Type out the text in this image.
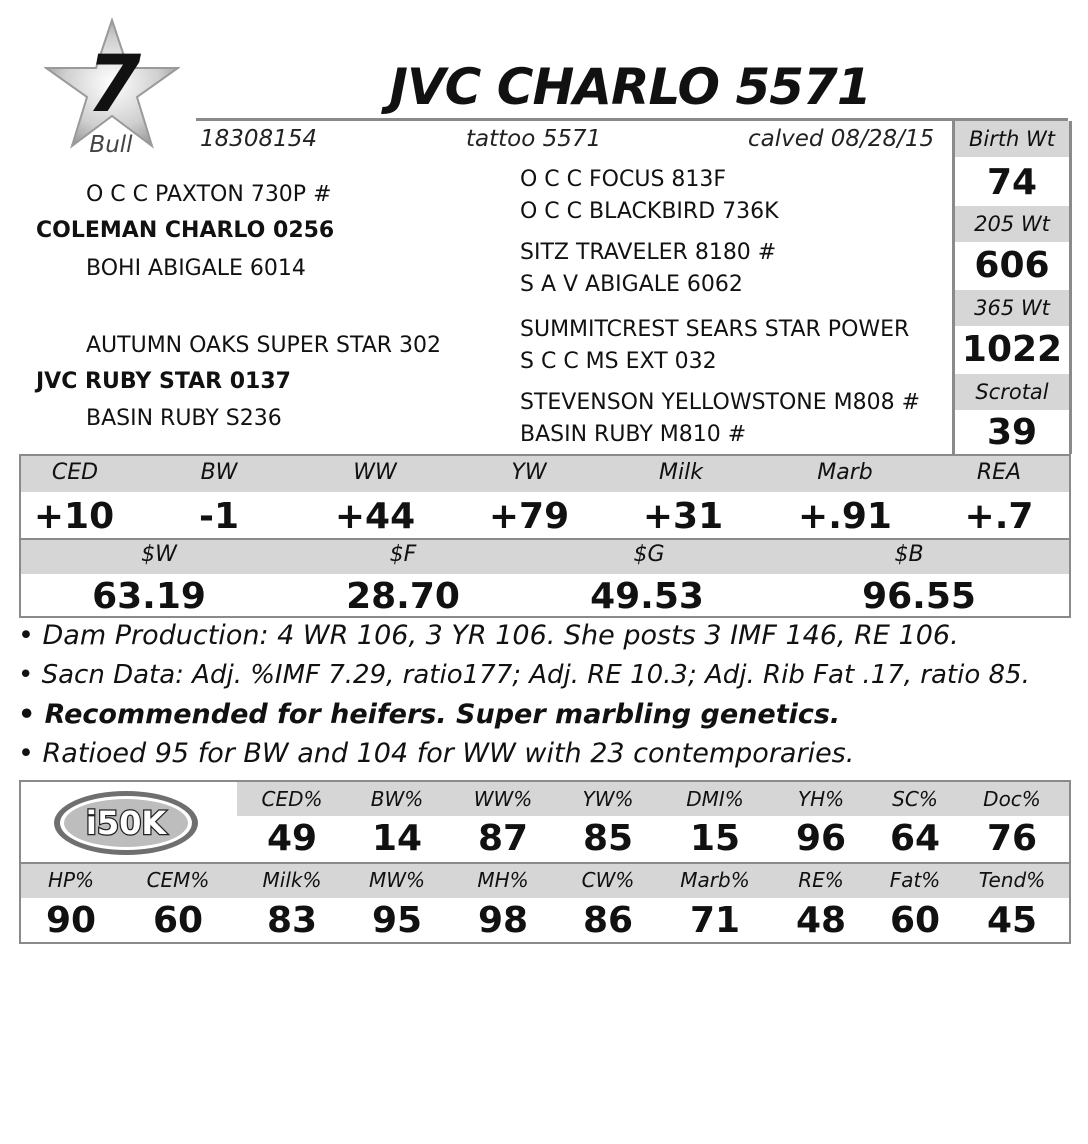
7
Bull
JVC CHARLO 5571
18308154	tattoo 5571	calved 08/28/15	Birth Wt
74
205 Wt
606
365 Wt
1022
Scrotal
39
O C C PAXTON 730P #
COLEMAN CHARLO 0256
BOHI ABIGALE 6014
AUTUMN OAKS SUPER STAR 302
JVC RUBY STAR 0137
BASIN RUBY S236
O C C FOCUS 813F
O C C BLACKBIRD 736K
SITZ TRAVELER 8180 #
S A V ABIGALE 6062
SUMMITCREST SEARS STAR POWER
S C C MS EXT 032
STEVENSON YELLOWSTONE M808 #
BASIN RUBY M810 #
CED	BW	WW	YW	Milk	Marb	REA
+10	-1	+44	+79	+31	+.91	+.7
$W	$F	$G	$B
63.19	28.70	49.53	96.55
• Dam Production: 4 WR 106, 3 YR 106. She posts 3 IMF 146, RE 106.
• Sacn Data: Adj. %IMF 7.29, ratio177; Adj. RE 10.3; Adj. Rib Fat .17, ratio 85.
• Recommended for heifers. Super marbling genetics.
• Ratioed 95 for BW and 104 for WW with 23 contemporaries.
i50K
CED%	BW%	WW%	YW%	DMI%	YH%	SC%	Doc%
49	14	87	85	15	96	64	76
HP%	CEM%	Milk%	MW%	MH%	CW%	Marb%	RE%	Fat%	Tend%
90	60	83	95	98	86	71	48	60	45
